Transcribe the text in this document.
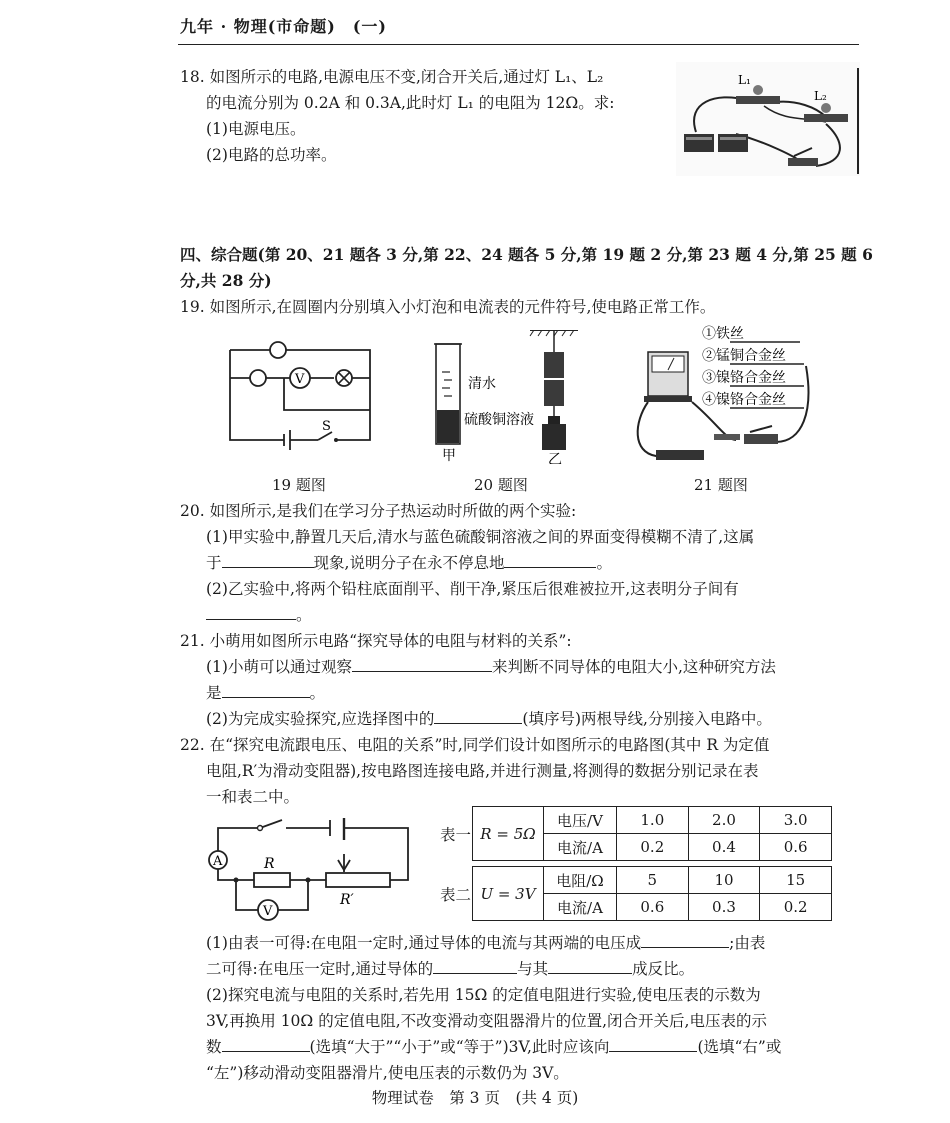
九年 · 物理(市命题)　(一)
18. 如图所示的电路,电源电压不变,闭合开关后,通过灯 L₁、L₂
的电流分别为 0.2A 和 0.3A,此时灯 L₁ 的电阻为 12Ω。求:
(1)电源电压。
(2)电路的总功率。
L₁
L₂
四、综合题(第 20、21 题各 3 分,第 22、24 题各 5 分,第 19 题 2 分,第 23 题 4 分,第 25 题 6
分,共 28 分)
19. 如图所示,在圆圈内分别填入小灯泡和电流表的元件符号,使电路正常工作。
V
S
19 题图
清水
硫酸铜溶液
甲	乙
20 题图
①铁丝
②锰铜合金丝
③镍铬合金丝
④镍铬合金丝
21 题图
20. 如图所示,是我们在学习分子热运动时所做的两个实验:
(1)甲实验中,静置几天后,清水与蓝色硫酸铜溶液之间的界面变得模糊不清了,这属
于	现象,说明分子在永不停息地	。
(2)乙实验中,将两个铅柱底面削平、削干净,紧压后很难被拉开,这表明分子间有
。
21. 小萌用如图所示电路“探究导体的电阻与材料的关系”:
(1)小萌可以通过观察	来判断不同导体的电阻大小,这种研究方法
是	。
(2)为完成实验探究,应选择图中的	(填序号)两根导线,分别接入电路中。
22. 在“探究电流跟电压、电阻的关系”时,同学们设计如图所示的电路图(其中 R 为定值
电阻,R′为滑动变阻器),按电路图连接电路,并进行测量,将测得的数据分别记录在表
一和表二中。
A	R
R′
V
表一 R = 5Ω	电压/V	1.0	2.0	3.0
	电流/A	0.2	0.4	0.6
表二 U = 3V	电阻/Ω	5	10	15
	电流/A	0.6	0.3	0.2
(1)由表一可得:在电阻一定时,通过导体的电流与其两端的电压成	;由表
二可得:在电压一定时,通过导体的	与其	成反比。
(2)探究电流与电阻的关系时,若先用 15Ω 的定值电阻进行实验,使电压表的示数为
3V,再换用 10Ω 的定值电阻,不改变滑动变阻器滑片的位置,闭合开关后,电压表的示
数	(选填“大于”“小于”或“等于”)3V,此时应该向	(选填“右”或
“左”)移动滑动变阻器滑片,使电压表的示数仍为 3V。
物理试卷　第 3 页　(共 4 页)
